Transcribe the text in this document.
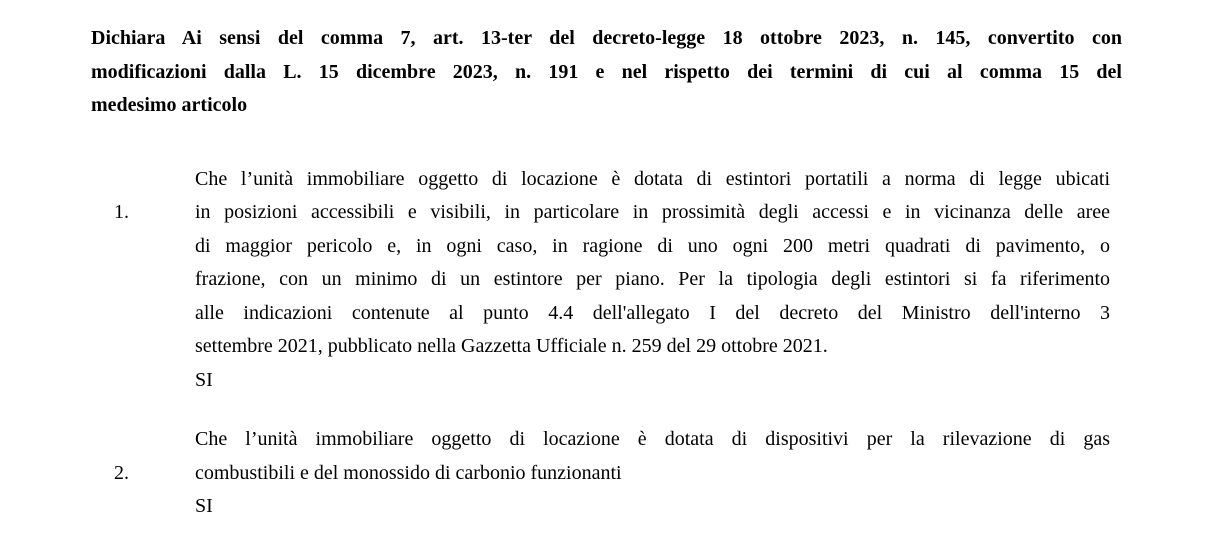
Dichiara Ai sensi del comma 7, art. 13-ter del decreto-legge 18 ottobre 2023, n. 145, convertito con
modificazioni dalla L. 15 dicembre 2023, n. 191 e nel rispetto dei termini di cui al comma 15 del
medesimo articolo
1.
Che l’unità immobiliare oggetto di locazione è dotata di estintori portatili a norma di legge ubicati
in posizioni accessibili e visibili, in particolare in prossimità degli accessi e in vicinanza delle aree
di maggior pericolo e, in ogni caso, in ragione di uno ogni 200 metri quadrati di pavimento, o
frazione, con un minimo di un estintore per piano. Per la tipologia degli estintori si fa riferimento
alle indicazioni contenute al punto 4.4 dell'allegato I del decreto del Ministro dell'interno 3
settembre 2021, pubblicato nella Gazzetta Ufficiale n. 259 del 29 ottobre 2021.
SI
2.
Che l’unità immobiliare oggetto di locazione è dotata di dispositivi per la rilevazione di gas
combustibili e del monossido di carbonio funzionanti
SI
